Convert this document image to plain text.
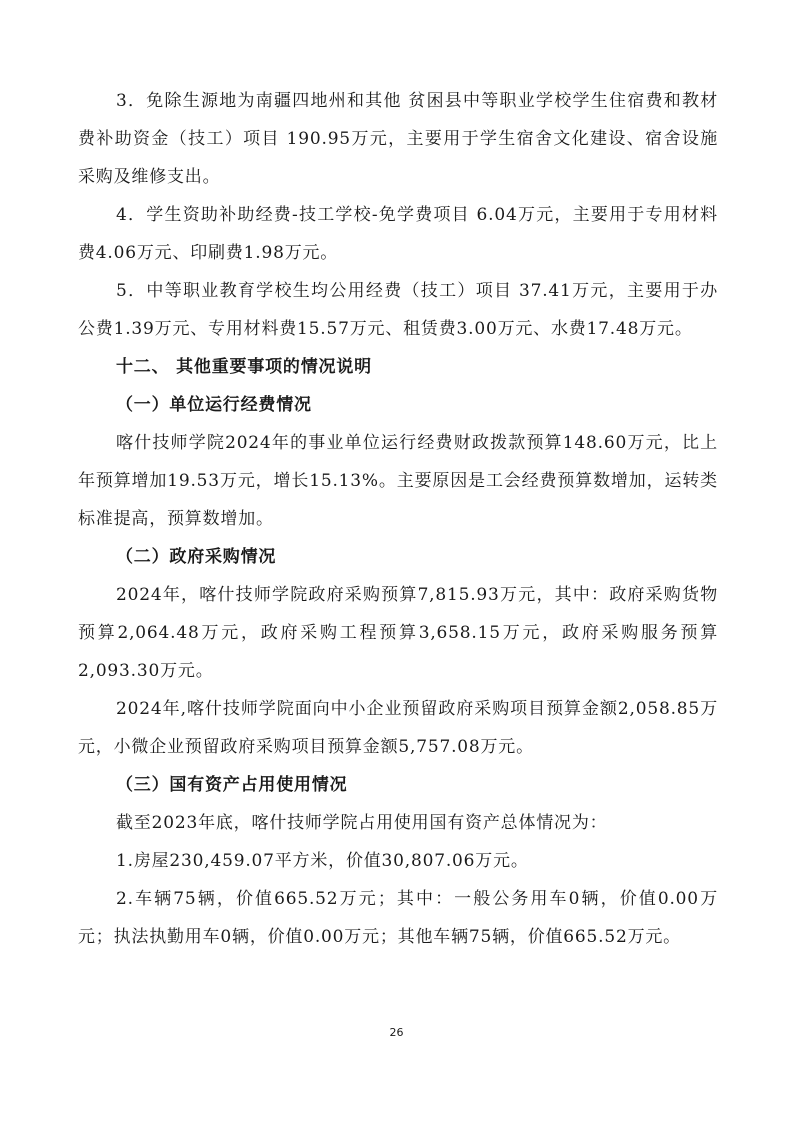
3．免除生源地为南疆四地州和其他 贫困县中等职业学校学生住宿费和教材费补助资金（技工）项目 190.95万元，主要用于学生宿舍文化建设、宿舍设施采购及维修支出。

4．学生资助补助经费-技工学校-免学费项目 6.04万元，主要用于专用材料费4.06万元、印刷费1.98万元。

5．中等职业教育学校生均公用经费（技工）项目 37.41万元，主要用于办公费1.39万元、专用材料费15.57万元、租赁费3.00万元、水费17.48万元。

十二、 其他重要事项的情况说明

（一）单位运行经费情况

喀什技师学院2024年的事业单位运行经费财政拨款预算148.60万元，比上年预算增加19.53万元，增长15.13%。主要原因是工会经费预算数增加，运转类标准提高，预算数增加。

（二）政府采购情况

2024年，喀什技师学院政府采购预算7,815.93万元，其中：政府采购货物预算2,064.48万元，政府采购工程预算3,658.15万元，政府采购服务预算2,093.30万元。

2024年,喀什技师学院面向中小企业预留政府采购项目预算金额2,058.85万元，小微企业预留政府采购项目预算金额5,757.08万元。

（三）国有资产占用使用情况

截至2023年底，喀什技师学院占用使用国有资产总体情况为：

1.房屋230,459.07平方米，价值30,807.06万元。

2.车辆75辆，价值665.52万元；其中：一般公务用车0辆，价值0.00万元；执法执勤用车0辆，价值0.00万元；其他车辆75辆，价值665.52万元。

26
